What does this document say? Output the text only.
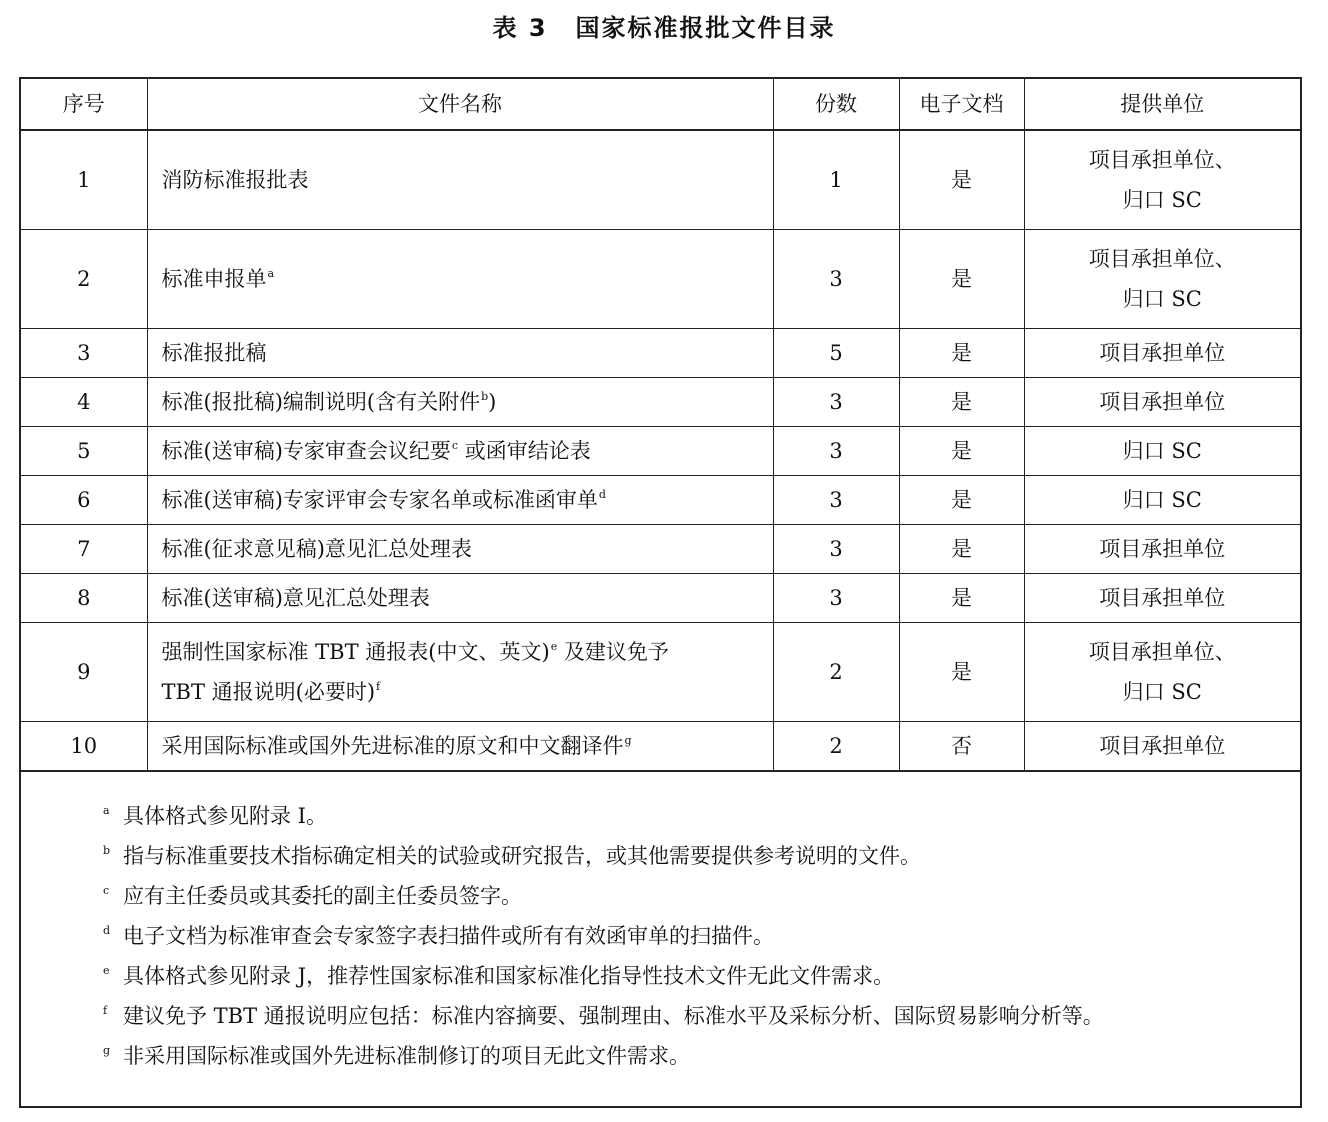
表 3 国家标准报批文件目录
序号	文件名称	份数	电子文档	提供单位
1	消防标准报批表	1	是	项目承担单位、
归口 SC
2	标准申报单$^a$	3	是	项目承担单位、
归口 SC
3	标准报批稿	5	是	项目承担单位
4	标准(报批稿)编制说明(含有关附件$^b$)	3	是	项目承担单位
5	标准(送审稿)专家审查会议纪要$^c$ 或函审结论表	3	是	归口 SC
6	标准(送审稿)专家评审会专家名单或标准函审单$^d$	3	是	归口 SC
7	标准(征求意见稿)意见汇总处理表	3	是	项目承担单位
8	标准(送审稿)意见汇总处理表	3	是	项目承担单位
9	强制性国家标准 TBT 通报表(中文、英文)$^e$ 及建议免予
TBT 通报说明(必要时)$^f$	2	是	项目承担单位、
归口 SC
10	采用国际标准或国外先进标准的原文和中文翻译件$^g$	2	否	项目承担单位
a 具体格式参见附录 I。
b 指与标准重要技术指标确定相关的试验或研究报告，或其他需要提供参考说明的文件。
c 应有主任委员或其委托的副主任委员签字。
d 电子文档为标准审查会专家签字表扫描件或所有有效函审单的扫描件。
e 具体格式参见附录 J，推荐性国家标准和国家标准化指导性技术文件无此文件需求。
f 建议免予 TBT 通报说明应包括：标准内容摘要、强制理由、标准水平及采标分析、国际贸易影响分析等。
g 非采用国际标准或国外先进标准制修订的项目无此文件需求。
